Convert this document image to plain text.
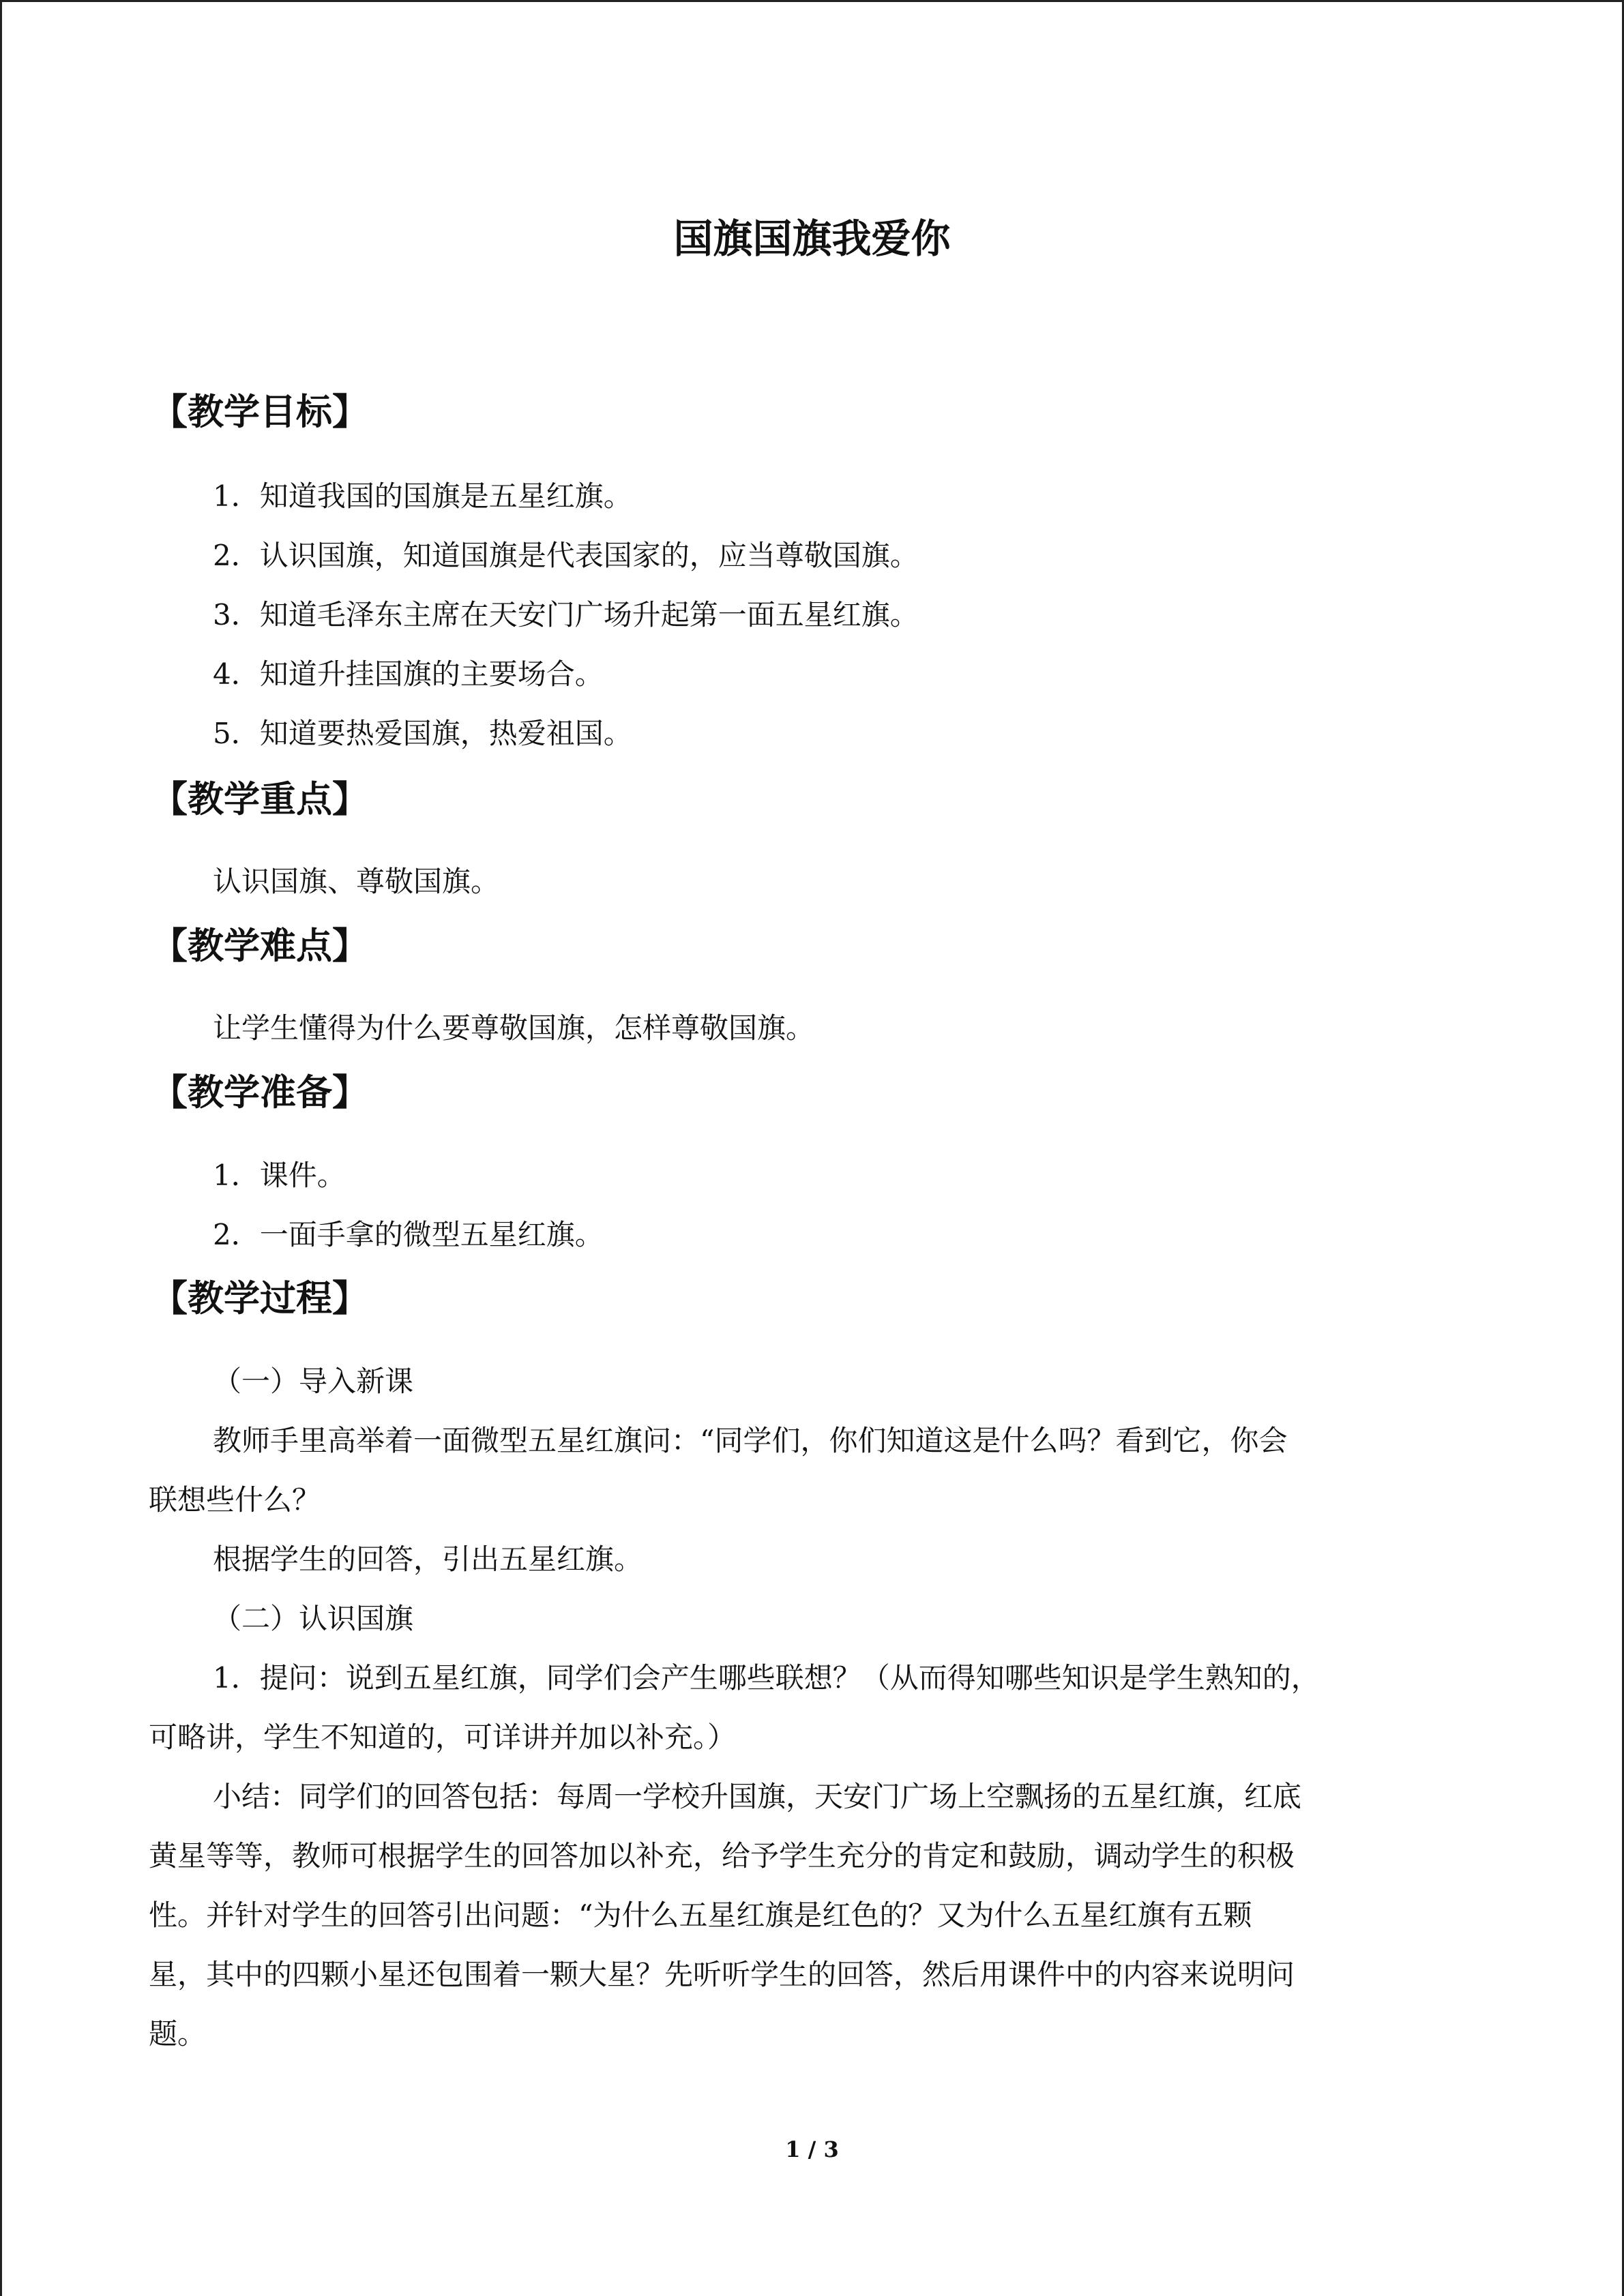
国旗国旗我爱你
【教学目标】
1．知道我国的国旗是五星红旗。
2．认识国旗，知道国旗是代表国家的，应当尊敬国旗。
3．知道毛泽东主席在天安门广场升起第一面五星红旗。
4．知道升挂国旗的主要场合。
5．知道要热爱国旗，热爱祖国。
【教学重点】
认识国旗、尊敬国旗。
【教学难点】
让学生懂得为什么要尊敬国旗，怎样尊敬国旗。
【教学准备】
1．课件。
2．一面手拿的微型五星红旗。
【教学过程】
（一）导入新课
教师手里高举着一面微型五星红旗问：“同学们，你们知道这是什么吗？看到它，你会
联想些什么？
根据学生的回答，引出五星红旗。
（二）认识国旗
1．提问：说到五星红旗，同学们会产生哪些联想？（从而得知哪些知识是学生熟知的，
可略讲，学生不知道的，可详讲并加以补充。）
小结：同学们的回答包括：每周一学校升国旗，天安门广场上空飘扬的五星红旗，红底
黄星等等，教师可根据学生的回答加以补充，给予学生充分的肯定和鼓励，调动学生的积极
性。并针对学生的回答引出问题：“为什么五星红旗是红色的？又为什么五星红旗有五颗
星，其中的四颗小星还包围着一颗大星？先听听学生的回答，然后用课件中的内容来说明问
题。
1 / 3
